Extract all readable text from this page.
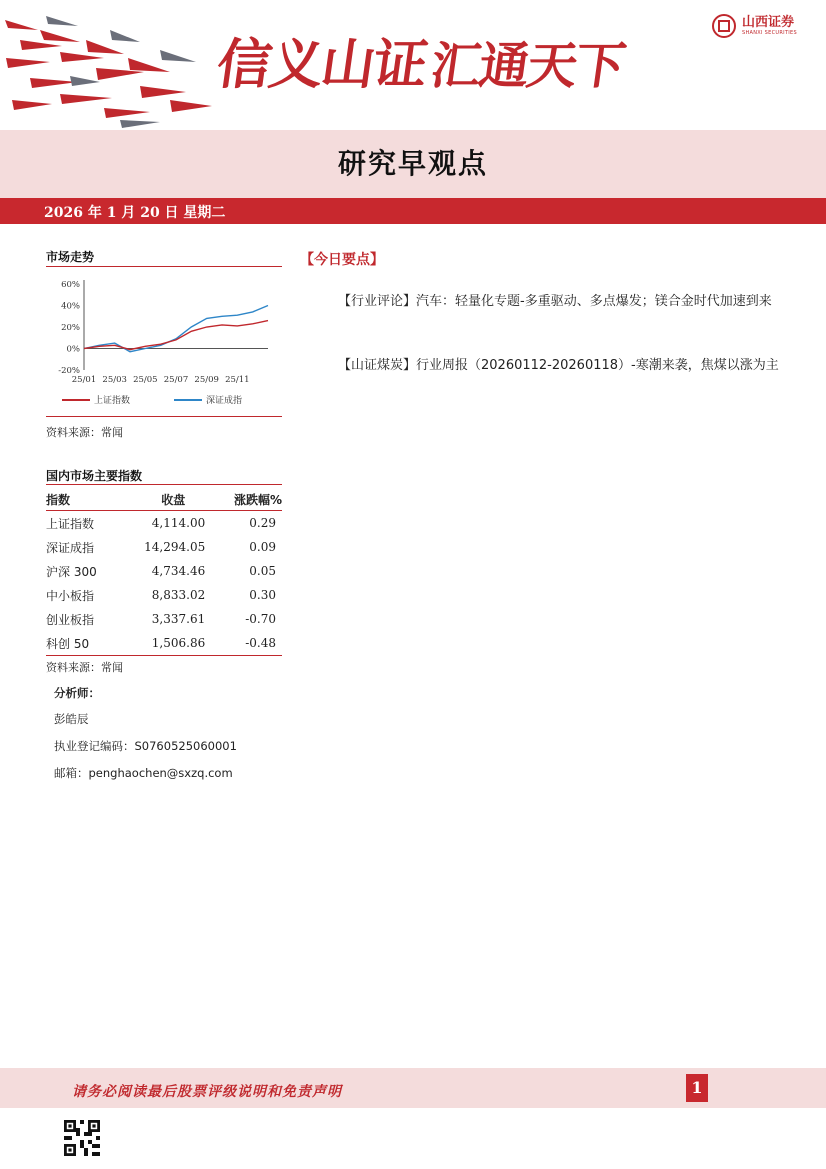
信义山证汇通天下
山西证券
SHANXI SECURITIES
研究早观点
2026 年 1 月 20 日 星期二
市场走势
60%
40%
20%
0%
-20%
25/01 25/03 25/05 25/07 25/09 25/11
上证指数	深证成指
资料来源：常闻
国内市场主要指数
指数	收盘	涨跌幅%
上证指数	4,114.00	0.29
深证成指	14,294.05	0.09
沪深 300	4,734.46	0.05
中小板指	8,833.02	0.30
创业板指	3,337.61	-0.70
科创 50	1,506.86	-0.48
资料来源：常闻
分析师：
彭皓辰
执业登记编码：S0760525060001
邮箱：penghaochen@sxzq.com
【今日要点】
【行业评论】汽车：轻量化专题-多重驱动、多点爆发；镁合金时代加速到来
【山证煤炭】行业周报（20260112-20260118）-寒潮来袭，焦煤以涨为主
请务必阅读最后股票评级说明和免责声明	1
